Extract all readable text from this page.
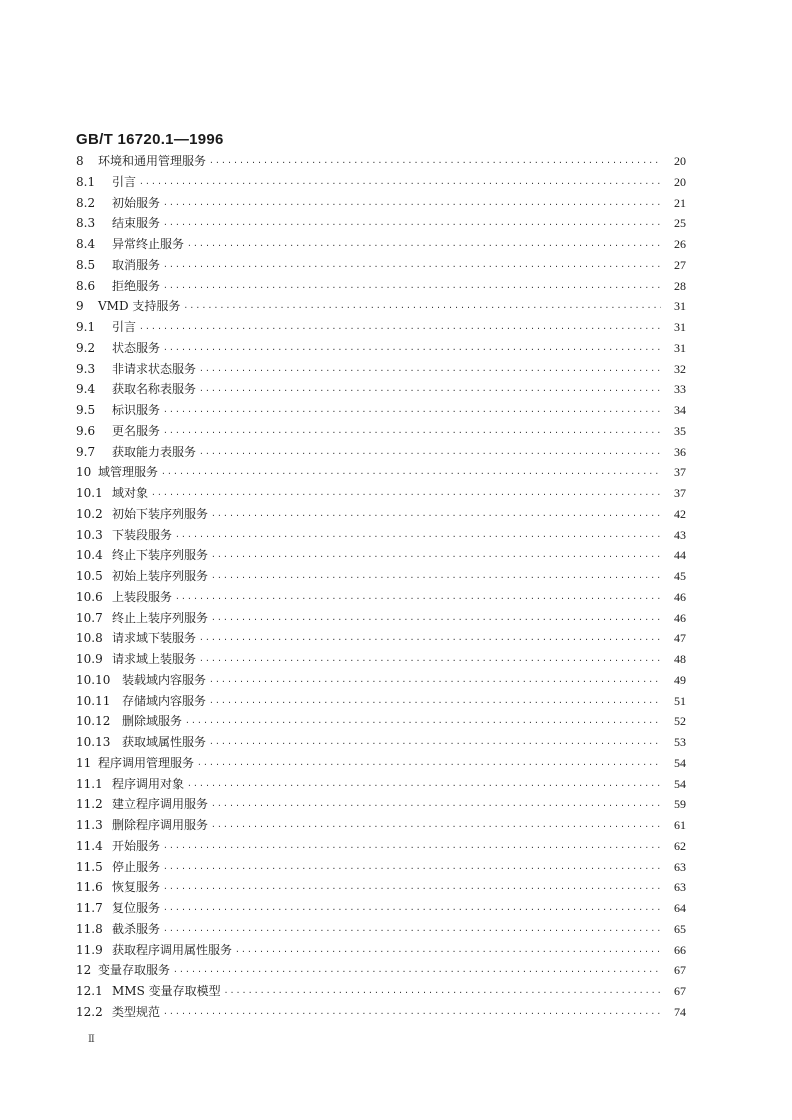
GB/T 16720.1—1996
8	环境和通用管理服务 ·····	20
8.1	引言 ·····	20
8.2	初始服务 ·····	21
8.3	结束服务 ·····	25
8.4	异常终止服务 ·····	26
8.5	取消服务 ·····	27
8.6	拒绝服务 ·····	28
9	VMD 支持服务 ·····	31
9.1	引言 ·····	31
9.2	状态服务 ·····	31
9.3	非请求状态服务 ·····	32
9.4	获取名称表服务 ·····	33
9.5	标识服务 ·····	34
9.6	更名服务 ·····	35
9.7	获取能力表服务 ·····	36
10 域管理服务 ·····	37
10.1 域对象 ·····	37
10.2 初始下装序列服务 ·····	42
10.3 下装段服务 ·····	43
10.4 终止下装序列服务 ·····	44
10.5 初始上装序列服务 ·····	45
10.6 上装段服务 ·····	46
10.7 终止上装序列服务 ·····	46
10.8 请求域下装服务 ·····	47
10.9 请求域上装服务 ·····	48
10.10 装载域内容服务 ·····	49
10.11 存储域内容服务 ·····	51
10.12 删除域服务 ·····	52
10.13 获取域属性服务 ·····	53
11 程序调用管理服务 ·····	54
11.1 程序调用对象 ·····	54
11.2 建立程序调用服务 ·····	59
11.3 删除程序调用服务 ·····	61
11.4 开始服务 ·····	62
11.5 停止服务 ·····	63
11.6 恢复服务 ·····	63
11.7 复位服务 ·····	64
11.8 截杀服务 ·····	65
11.9 获取程序调用属性服务 ·····	66
12 变量存取服务 ·····	67
12.1 MMS 变量存取模型 ·····	67
12.2 类型规范 ·····	74
Ⅱ
